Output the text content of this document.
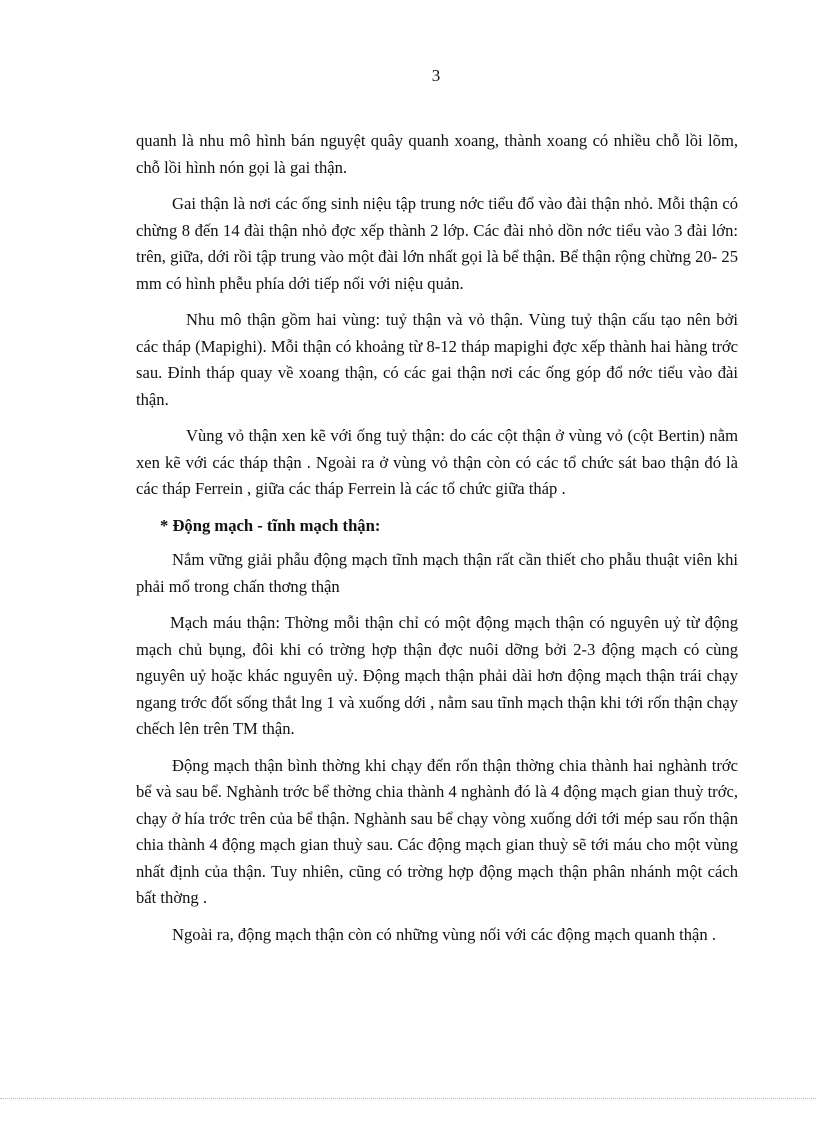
3

quanh là nhu mô hình bán nguyệt quây quanh xoang, thành xoang có nhiều chỗ lồi lõm, chỗ lồi hình nón gọi là gai thận.

Gai thận là nơi các ống sinh niệu tập trung nớc tiểu đổ vào đài thận nhỏ. Mỗi thận có chừng 8 đến 14 đài thận nhỏ đợc xếp thành 2 lớp. Các đài nhỏ dồn nớc tiểu vào 3 đài lớn: trên, giữa, dới rồi tập trung vào một đài lớn nhất gọi là bể thận. Bể thận rộng chừng 20- 25 mm có hình phễu phía dới tiếp nối với niệu quản.

Nhu mô thận gồm hai vùng: tuỷ thận và vỏ thận. Vùng tuỷ thận cấu tạo nên bởi các tháp (Mapighi). Mỗi thận có khoảng từ 8-12 tháp mapighi đợc xếp thành hai hàng trớc sau. Đỉnh tháp quay về xoang thận, có các gai thận nơi các ống góp đổ nớc tiểu vào đài thận.

Vùng vỏ thận xen kẽ với ống tuỷ thận: do các cột thận ở vùng vỏ (cột Bertin) nằm xen kẽ với các tháp thận . Ngoài ra ở vùng vỏ thận còn có các tổ chức sát bao thận đó là các tháp Ferrein , giữa các tháp Ferrein là các tổ chức giữa tháp .

* Động mạch - tĩnh mạch thận:

Nắm vững giải phẫu động mạch tĩnh mạch thận rất cần thiết cho phẫu thuật viên khi phải mổ trong chấn thơng thận

Mạch máu thận: Thờng mỗi thận chỉ có một động mạch thận có nguyên uỷ từ động mạch chủ bụng, đôi khi có trờng hợp thận đợc nuôi dỡng bởi 2-3 động mạch có cùng nguyên uỷ hoặc khác nguyên uỷ. Động mạch thận phải dài hơn động mạch thận trái chạy ngang trớc đốt sống thắt lng 1 và xuống dới , nằm sau tĩnh mạch thận khi tới rốn thận chạy chếch lên trên TM thận.

Động mạch thận bình thờng khi chạy đến rốn thận thờng chia thành hai nghành trớc bể và sau bể. Nghành trớc bể thờng chia thành 4 nghành đó là 4 động mạch gian thuỳ trớc, chạy ở hía trớc trên của bể thận. Nghành sau bể chạy vòng xuống dới tới mép sau rốn thận chia thành 4 động mạch gian thuỳ sau. Các động mạch gian thuỳ sẽ tới máu cho một vùng nhất định của thận. Tuy nhiên, cũng có trờng hợp động mạch thận phân nhánh một cách bất thờng .

Ngoài ra, động mạch thận còn có những vùng nối với các động mạch quanh thận .
